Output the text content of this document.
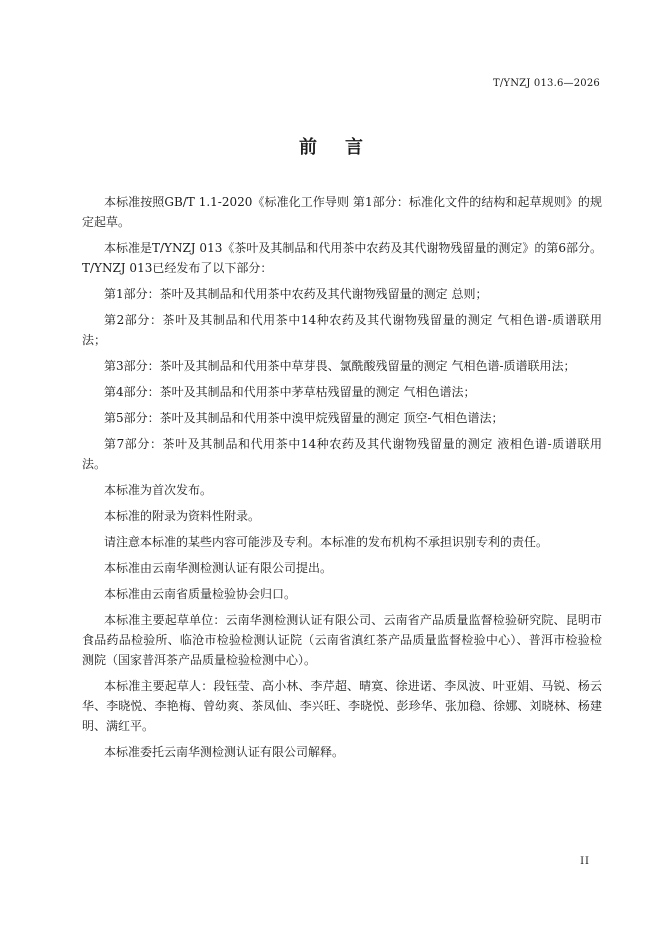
T/YNZJ 013.6—2026
前言

本标准按照GB/T 1.1-2020《标准化工作导则 第1部分：标准化文件的结构和起草规则》的规定起草。

本标准是T/YNZJ 013《茶叶及其制品和代用茶中农药及其代谢物残留量的测定》的第6部分。T/YNZJ 013已经发布了以下部分：

第1部分：茶叶及其制品和代用茶中农药及其代谢物残留量的测定 总则；

第2部分：茶叶及其制品和代用茶中14种农药及其代谢物残留量的测定 气相色谱-质谱联用法；

第3部分：茶叶及其制品和代用茶中草芽畏、氯酰酸残留量的测定 气相色谱-质谱联用法；

第4部分：茶叶及其制品和代用茶中茅草枯残留量的测定 气相色谱法；

第5部分：茶叶及其制品和代用茶中溴甲烷残留量的测定 顶空-气相色谱法；

第7部分：茶叶及其制品和代用茶中14种农药及其代谢物残留量的测定 液相色谱-质谱联用法。

本标准为首次发布。

本标准的附录为资料性附录。

请注意本标准的某些内容可能涉及专利。本标准的发布机构不承担识别专利的责任。

本标准由云南华测检测认证有限公司提出。

本标准由云南省质量检验协会归口。

本标准主要起草单位：云南华测检测认证有限公司、云南省产品质量监督检验研究院、昆明市食品药品检验所、临沧市检验检测认证院（云南省滇红茶产品质量监督检验中心）、普洱市检验检测院（国家普洱茶产品质量检验检测中心）。

本标准主要起草人：段钰莹、高小林、李芹超、晴寞、徐进诺、李凤波、叶亚娟、马锐、杨云华、李晓悦、李艳梅、曾幼爽、茶凤仙、李兴旺、李晓悦、彭珍华、张加稳、徐娜、刘晓林、杨建明、满红平。

本标准委托云南华测检测认证有限公司解释。

II
